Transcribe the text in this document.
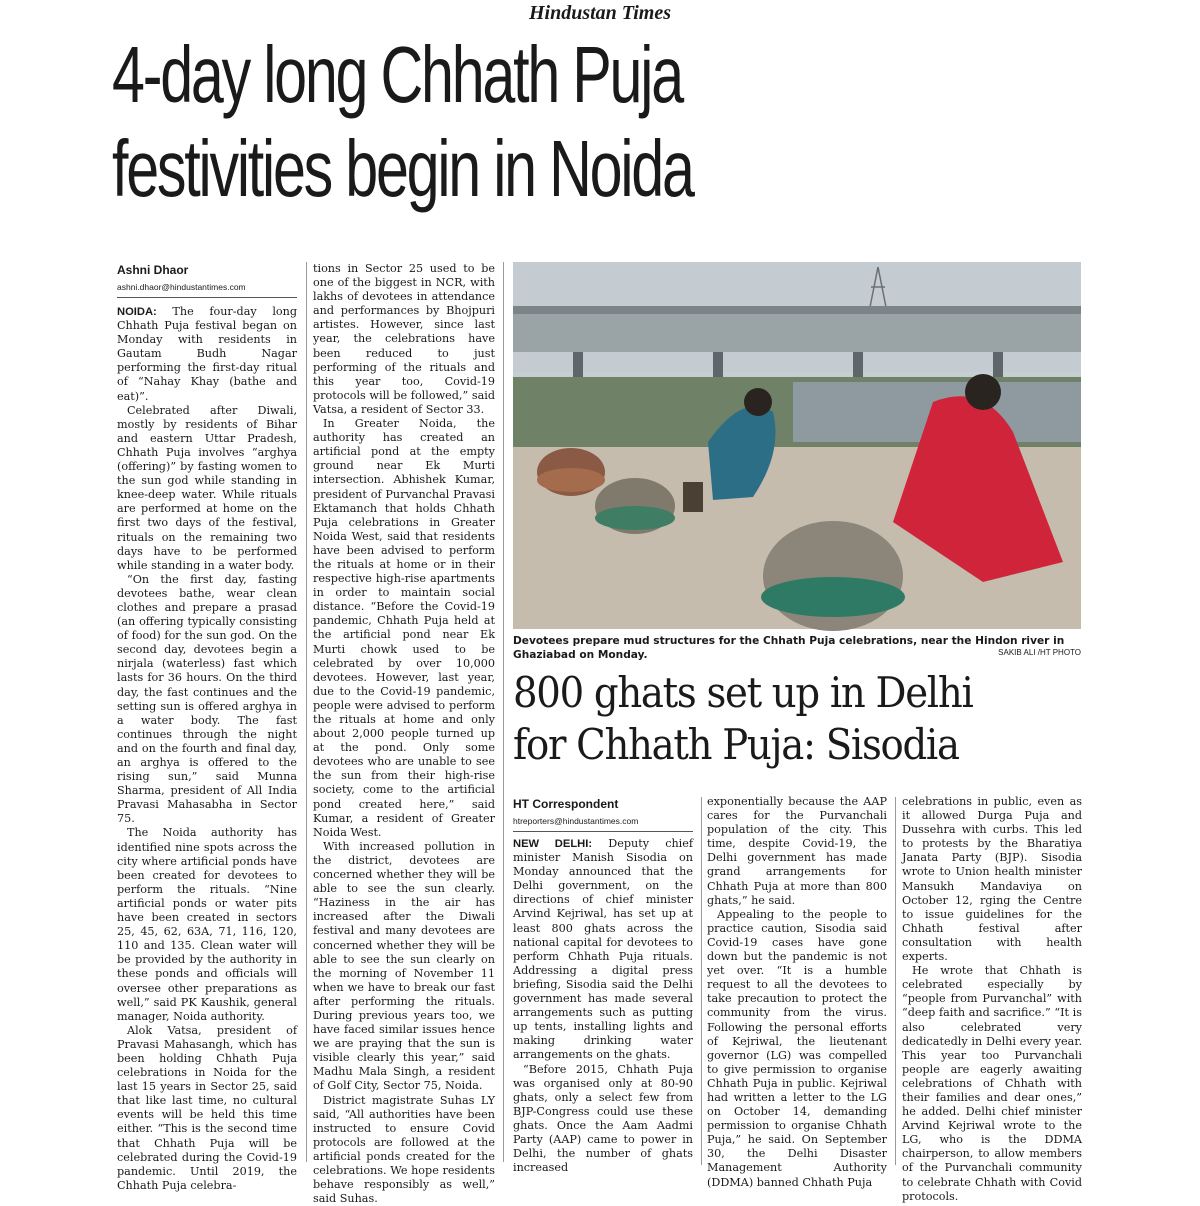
Hindustan Times
4-day long Chhath Puja
festivities begin in Noida
Ashni Dhaor
ashni.dhaor@hindustantimes.com

NOIDA: The four-day long Chhath Puja festival began on Monday with residents in Gautam Budh Nagar performing the first-day ritual of “Nahay Khay (bathe and eat)”.

Celebrated after Diwali, mostly by residents of Bihar and eastern Uttar Pradesh, Chhath Puja involves “arghya (offering)” by fasting women to the sun god while standing in knee-deep water. While rituals are performed at home on the first two days of the festival, rituals on the remaining two days have to be performed while standing in a water body.

“On the first day, fasting devotees bathe, wear clean clothes and prepare a prasad (an offering typically consisting of food) for the sun god. On the second day, devotees begin a nirjala (waterless) fast which lasts for 36 hours. On the third day, the fast continues and the setting sun is offered arghya in a water body. The fast continues through the night and on the fourth and final day, an arghya is offered to the rising sun,” said Munna Sharma, president of All India Pravasi Mahasabha in Sector 75.

The Noida authority has identified nine spots across the city where artificial ponds have been created for devotees to perform the rituals. “Nine artificial ponds or water pits have been created in sectors 25, 45, 62, 63A, 71, 116, 120, 110 and 135. Clean water will be provided by the authority in these ponds and officials will oversee other preparations as well,” said PK Kaushik, general manager, Noida authority.

Alok Vatsa, president of Pravasi Mahasangh, which has been holding Chhath Puja celebrations in Noida for the last 15 years in Sector 25, said that like last time, no cultural events will be held this time either. “This is the second time that Chhath Puja will be celebrated during the Covid-19 pandemic. Until 2019, the Chhath Puja celebra-

tions in Sector 25 used to be one of the biggest in NCR, with lakhs of devotees in attendance and performances by Bhojpuri artistes. However, since last year, the celebrations have been reduced to just performing of the rituals and this year too, Covid-19 protocols will be followed,” said Vatsa, a resident of Sector 33.

In Greater Noida, the authority has created an artificial pond at the empty ground near Ek Murti intersection. Abhishek Kumar, president of Purvanchal Pravasi Ektamanch that holds Chhath Puja celebrations in Greater Noida West, said that residents have been advised to perform the rituals at home or in their respective high-rise apartments in order to maintain social distance. “Before the Covid-19 pandemic, Chhath Puja held at the artificial pond near Ek Murti chowk used to be celebrated by over 10,000 devotees. However, last year, due to the Covid-19 pandemic, people were advised to perform the rituals at home and only about 2,000 people turned up at the pond. Only some devotees who are unable to see the sun from their high-rise society, come to the artificial pond created here,” said Kumar, a resident of Greater Noida West.

With increased pollution in the district, devotees are concerned whether they will be able to see the sun clearly. “Haziness in the air has increased after the Diwali festival and many devotees are concerned whether they will be able to see the sun clearly on the morning of November 11 when we have to break our fast after performing the rituals. During previous years too, we have faced similar issues hence we are praying that the sun is visible clearly this year,” said Madhu Mala Singh, a resident of Golf City, Sector 75, Noida.

District magistrate Suhas LY said, “All authorities have been instructed to ensure Covid protocols are followed at the artificial ponds created for the celebrations. We hope residents behave responsibly as well,” said Suhas.

Devotees prepare mud structures for the Chhath Puja celebrations, near the Hindon river in Ghaziabad on Monday.	SAKIB ALI /HT PHOTO
800 ghats set up in Delhi
for Chhath Puja: Sisodia
HT Correspondent
htreporters@hindustantimes.com

NEW DELHI: Deputy chief minister Manish Sisodia on Monday announced that the Delhi government, on the directions of chief minister Arvind Kejriwal, has set up at least 800 ghats across the national capital for devotees to perform Chhath Puja rituals. Addressing a digital press briefing, Sisodia said the Delhi government has made several arrangements such as putting up tents, installing lights and making drinking water arrangements on the ghats.

“Before 2015, Chhath Puja was organised only at 80-90 ghats, only a select few from BJP-Congress could use these ghats. Once the Aam Aadmi Party (AAP) came to power in Delhi, the number of ghats increased

exponentially because the AAP cares for the Purvanchali population of the city. This time, despite Covid-19, the Delhi government has made grand arrangements for Chhath Puja at more than 800 ghats,” he said.

Appealing to the people to practice caution, Sisodia said Covid-19 cases have gone down but the pandemic is not yet over. “It is a humble request to all the devotees to take precaution to protect the community from the virus. Following the personal efforts of Kejriwal, the lieutenant governor (LG) was compelled to give permission to organise Chhath Puja in public. Kejriwal had written a letter to the LG on October 14, demanding permission to organise Chhath Puja,” he said. On September 30, the Delhi Disaster Management Authority (DDMA) banned Chhath Puja

celebrations in public, even as it allowed Durga Puja and Dussehra with curbs. This led to protests by the Bharatiya Janata Party (BJP). Sisodia wrote to Union health minister Mansukh Mandaviya on October 12, rging the Centre to issue guidelines for the Chhath festival after consultation with health experts.

He wrote that Chhath is celebrated especially by “people from Purvanchal” with “deep faith and sacrifice.” “It is also celebrated very dedicatedly in Delhi every year. This year too Purvanchali people are eagerly awaiting celebrations of Chhath with their families and dear ones,” he added. Delhi chief minister Arvind Kejriwal wrote to the LG, who is the DDMA chairperson, to allow members of the Purvanchali community to celebrate Chhath with Covid protocols.
